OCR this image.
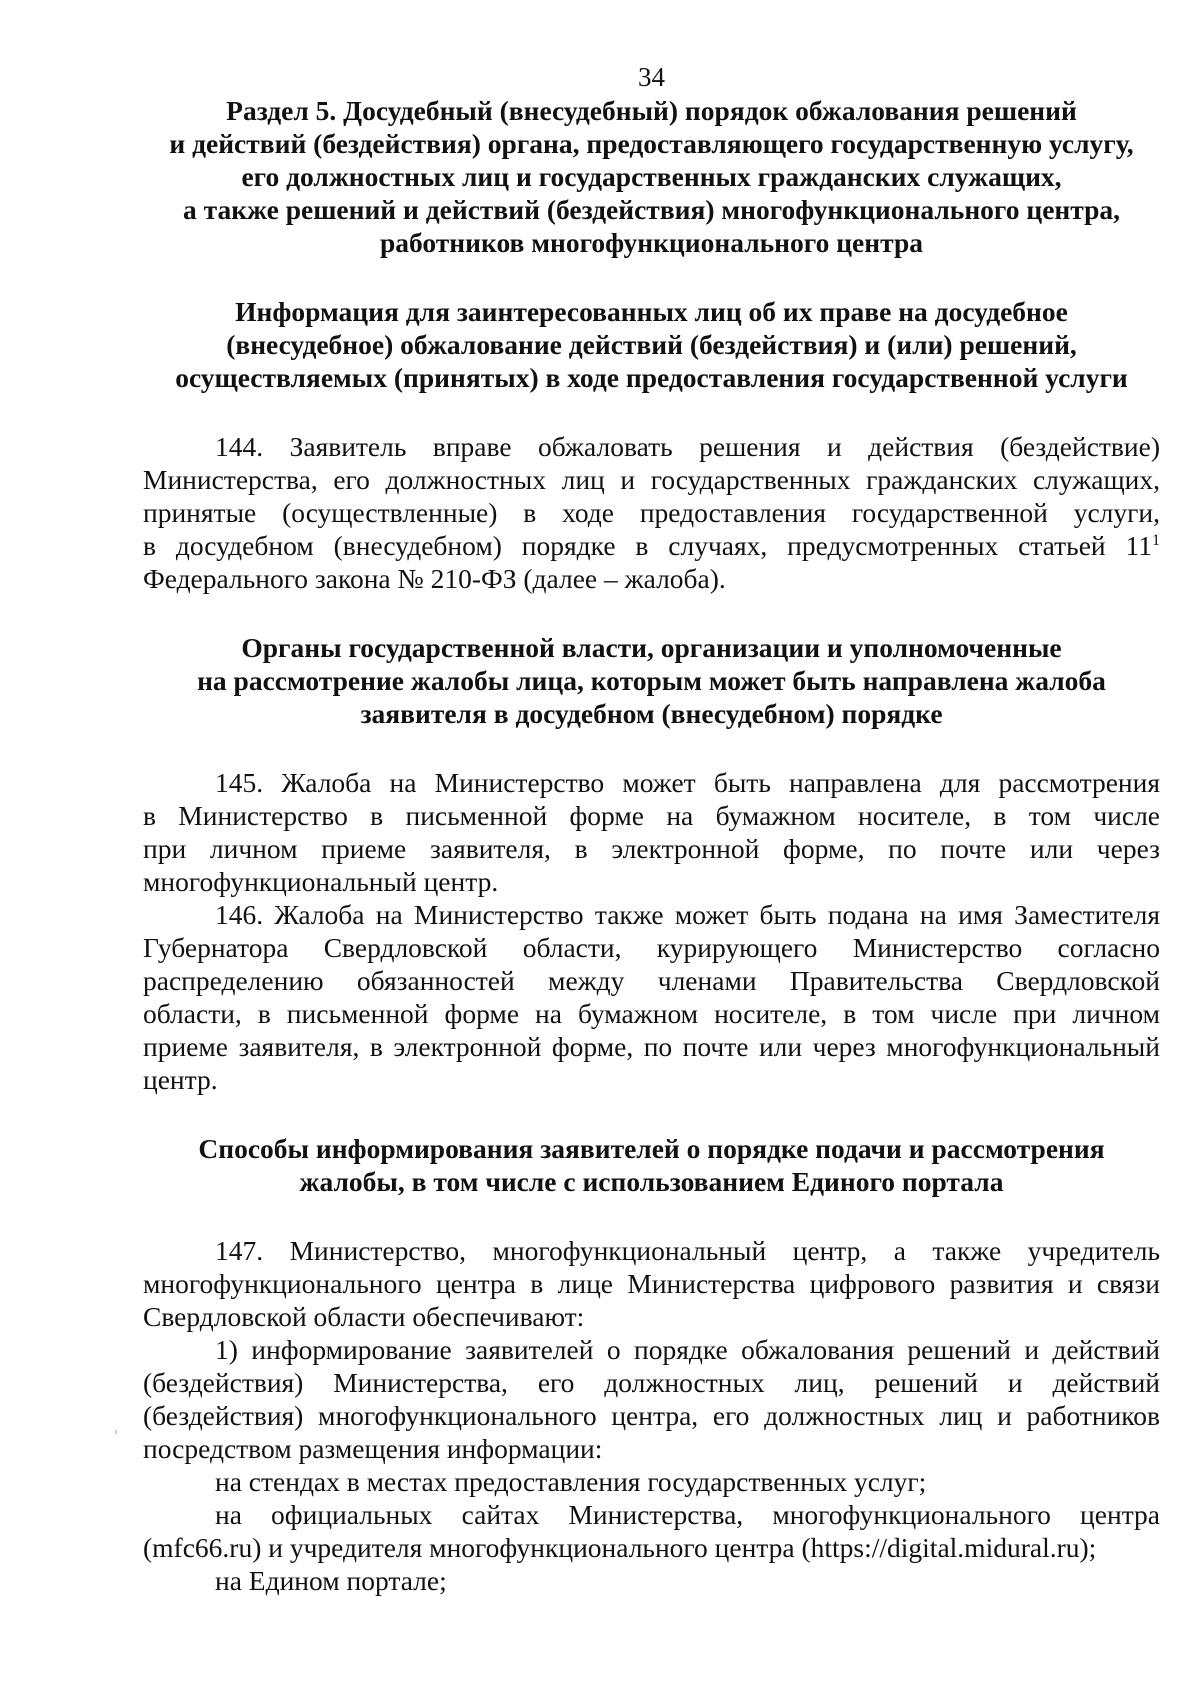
34
Раздел 5. Досудебный (внесудебный) порядок обжалования решений
и действий (бездействия) органа, предоставляющего государственную услугу,
его должностных лиц и государственных гражданских служащих,
а также решений и действий (бездействия) многофункционального центра,
работников многофункционального центра
Информация для заинтересованных лиц об их праве на досудебное
(внесудебное) обжалование действий (бездействия) и (или) решений,
осуществляемых (принятых) в ходе предоставления государственной услуги
144. Заявитель вправе обжаловать решения и действия (бездействие)
Министерства, его должностных лиц и государственных гражданских служащих,
принятые (осуществленные) в ходе предоставления государственной услуги,
в досудебном (внесудебном) порядке в случаях, предусмотренных статьей $11^1$
Федерального закона № 210-ФЗ (далее – жалоба).
Органы государственной власти, организации и уполномоченные
на рассмотрение жалобы лица, которым может быть направлена жалоба
заявителя в досудебном (внесудебном) порядке
145. Жалоба на Министерство может быть направлена для рассмотрения
в Министерство в письменной форме на бумажном носителе, в том числе
при личном приеме заявителя, в электронной форме, по почте или через
многофункциональный центр.
146. Жалоба на Министерство также может быть подана на имя Заместителя
Губернатора Свердловской области, курирующего Министерство согласно
распределению обязанностей между членами Правительства Свердловской
области, в письменной форме на бумажном носителе, в том числе при личном
приеме заявителя, в электронной форме, по почте или через многофункциональный
центр.
Способы информирования заявителей о порядке подачи и рассмотрения
жалобы, в том числе с использованием Единого портала
147. Министерство, многофункциональный центр, а также учредитель
многофункционального центра в лице Министерства цифрового развития и связи
Свердловской области обеспечивают:
1) информирование заявителей о порядке обжалования решений и действий
(бездействия) Министерства, его должностных лиц, решений и действий
(бездействия) многофункционального центра, его должностных лиц и работников
посредством размещения информации:
на стендах в местах предоставления государственных услуг;
на официальных сайтах Министерства, многофункционального центра
(mfc66.ru) и учредителя многофункционального центра (https://digital.midural.ru);
на Едином портале;
